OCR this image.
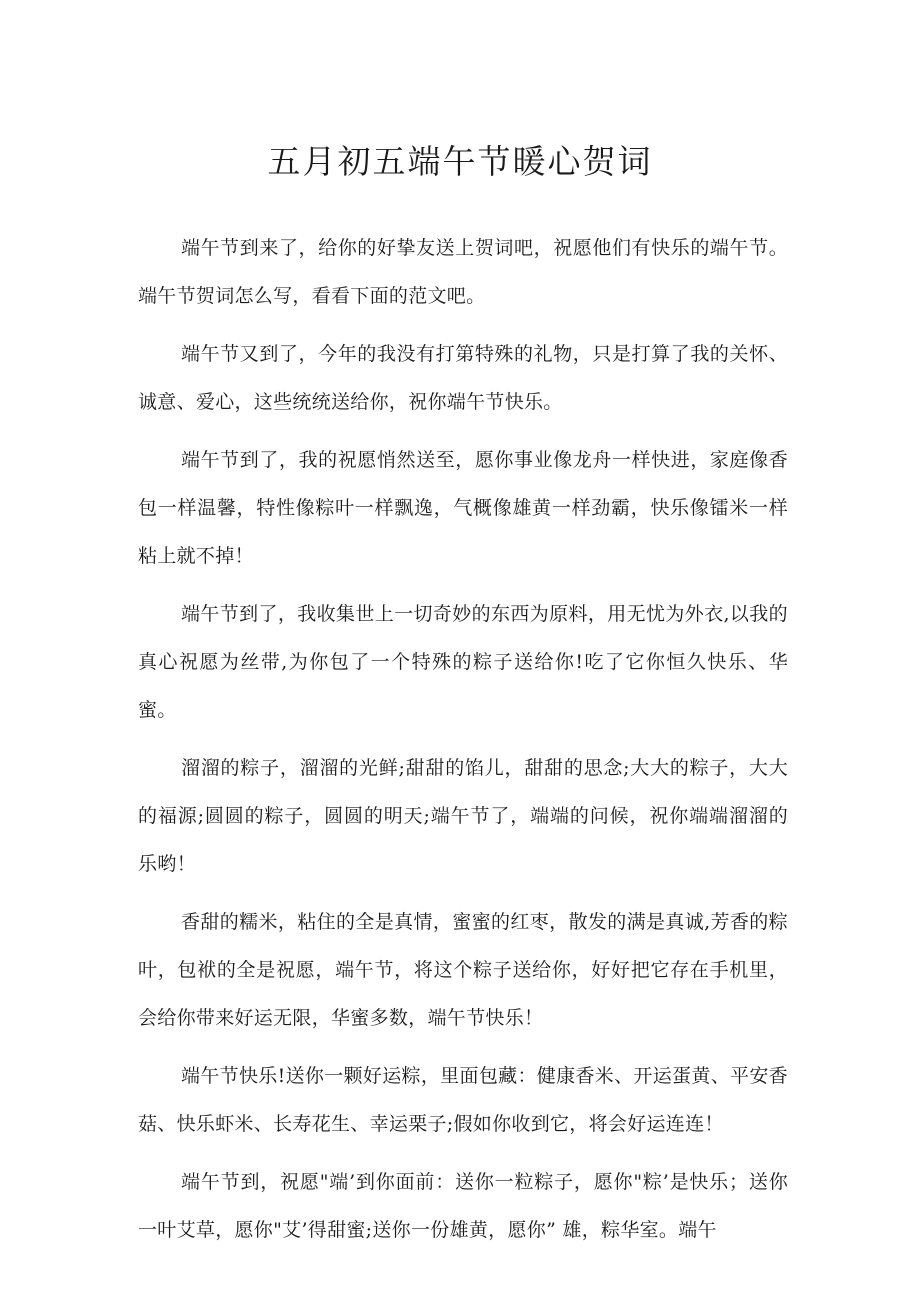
五月初五端午节暖心贺词

端午节到来了，给你的好挚友送上贺词吧，祝愿他们有快乐的端午节。端午节贺词怎么写，看看下面的范文吧。

端午节又到了，今年的我没有打第特殊的礼物，只是打算了我的关怀、诚意、爱心，这些统统送给你，祝你端午节快乐。

端午节到了，我的祝愿悄然送至，愿你事业像龙舟一样快进，家庭像香包一样温馨，特性像粽叶一样飘逸，气概像雄黄一样劲霸，快乐像镭米一样粘上就不掉！

端午节到了，我收集世上一切奇妙的东西为原料，用无忧为外衣,以我的真心祝愿为丝带,为你包了一个特殊的粽子送给你!吃了它你恒久快乐、华蜜。

溜溜的粽子，溜溜的光鲜;甜甜的馅儿，甜甜的思念;大大的粽子，大大的福源;圆圆的粽子，圆圆的明天;端午节了，端端的问候，祝你端端溜溜的乐哟！

香甜的糯米，粘住的全是真情，蜜蜜的红枣，散发的满是真诚,芳香的粽叶，包袱的全是祝愿，端午节，将这个粽子送给你，好好把它存在手机里，会给你带来好运无限，华蜜多数，端午节快乐！

端午节快乐!送你一颗好运粽，里面包藏：健康香米、开运蛋黄、平安香菇、快乐虾米、长寿花生、幸运栗子;假如你收到它，将会好运连连！

端午节到，祝愿"端’到你面前：送你一粒粽子，愿你"粽’是快乐；送你一叶艾草，愿你"艾’得甜蜜;送你一份雄黄，愿你” 雄，粽华室。端午
